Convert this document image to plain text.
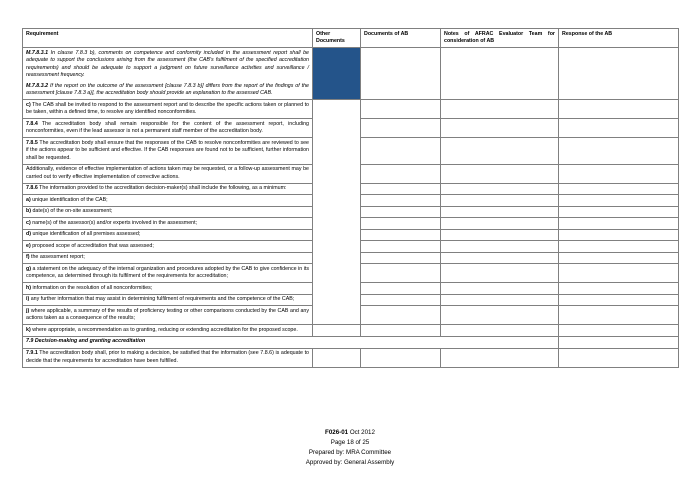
Requirement	Other Documents	Documents of AB	Notes of AFRAC Evaluator Team for consideration of AB	Response of the AB

M.7.8.3.1 In clause 7.8.3 b), comments on competence and conformity included in the assessment report shall be adequate to support the conclusions arising from the assessment (the CAB's fulfilment of the specified accreditation requirements) and should be adequate to support a judgment on future surveillance activities and surveillance / reassessment frequency.

M.7.8.3.2 If the report on the outcome of the assessment [clause 7.8.3 b)] differs from the report of the findings of the assessment [clause 7.8.3 a)], the accreditation body should provide an explanation to the assessed CAB.				

c) The CAB shall be invited to respond to the assessment report and to describe the specific actions taken or planned to be taken, within a defined time, to resolve any identified nonconformities.				
7.8.4 The accreditation body shall remain responsible for the content of the assessment report, including nonconformities, even if the lead assessor is not a permanent staff member of the accreditation body.				
7.8.5 The accreditation body shall ensure that the responses of the CAB to resolve nonconformities are reviewed to see if the actions appear to be sufficient and effective. If the CAB responses are found not to be sufficient, further information shall be requested.				
Additionally, evidence of effective implementation of actions taken may be requested, or a follow-up assessment may be carried out to verify effective implementation of corrective actions.				
7.8.6 The information provided to the accreditation decision-maker(s) shall include the following, as a minimum:				
a) unique identification of the CAB;				
b) date(s) of the on-site assessment;				
c) name(s) of the assessor(s) and/or experts involved in the assessment;				
d) unique identification of all premises assessed;				
e) proposed scope of accreditation that was assessed;				
f) the assessment report;				
g) a statement on the adequacy of the internal organization and procedures adopted by the CAB to give confidence in its competence, as determined through its fulfilment of the requirements for accreditation;				
h) information on the resolution of all nonconformities;				
i) any further information that may assist in determining fulfilment of requirements and the competence of the CAB;				
j) where applicable, a summary of the results of proficiency testing or other comparisons conducted by the CAB and any actions taken as a consequence of the results;				
k) where appropriate, a recommendation as to granting, reducing or extending accreditation for the proposed scope.				
7.9 Decision-making and granting accreditation				
7.9.1 The accreditation body shall, prior to making a decision, be satisfied that the information (see 7.8.6) is adequate to decide that the requirements for accreditation have been fulfilled.				
F026-01 Oct 2012
Page 18 of 25
Prepared by: MRA Committee
Approved by: General Assembly
